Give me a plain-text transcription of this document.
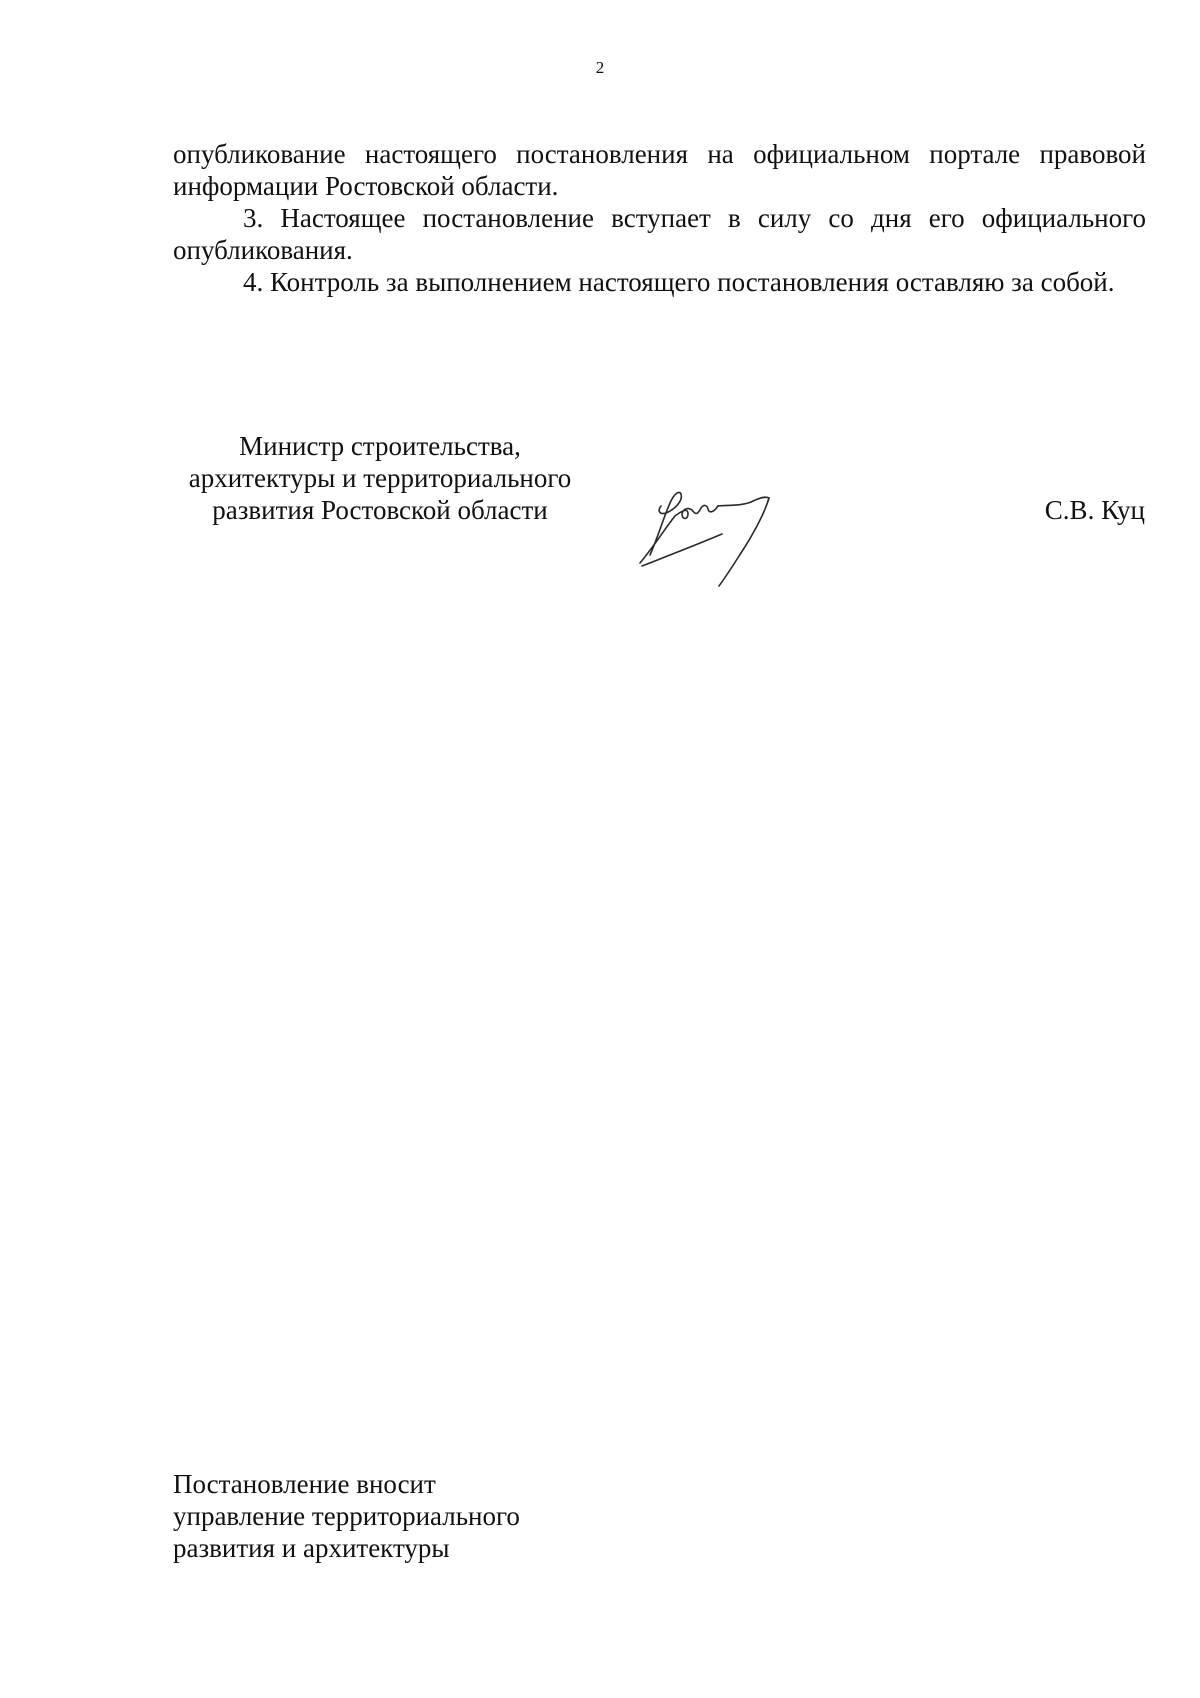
2

опубликование настоящего постановления на официальном портале правовой информации Ростовской области.

3. Настоящее постановление вступает в силу со дня его официального опубликования.

4. Контроль за выполнением настоящего постановления оставляю за собой.

Министр строительства,
архитектуры и территориального
развития Ростовской области	С.В. Куц
Постановление вносит
управление территориального
развития и архитектуры
